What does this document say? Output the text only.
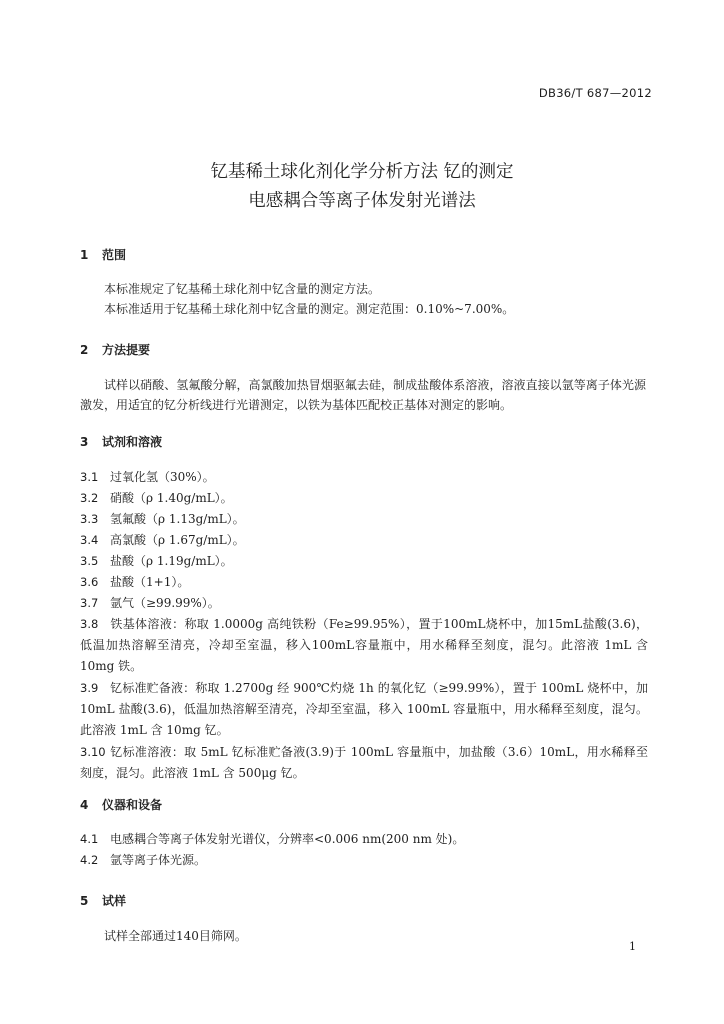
DB36/T 687—2012
钇基稀土球化剂化学分析方法 钇的测定
电感耦合等离子体发射光谱法
1 范围
本标准规定了钇基稀土球化剂中钇含量的测定方法。
本标准适用于钇基稀土球化剂中钇含量的测定。测定范围：0.10%~7.00%。
2 方法提要
试样以硝酸、氢氟酸分解，高氯酸加热冒烟驱氟去硅，制成盐酸体系溶液，溶液直接以氩等离子体光源激发，用适宜的钇分析线进行光谱测定，以铁为基体匹配校正基体对测定的影响。
3 试剂和溶液
3.1 过氧化氢（30%）。
3.2 硝酸（ρ 1.40g/mL）。
3.3 氢氟酸（ρ 1.13g/mL）。
3.4 高氯酸（ρ 1.67g/mL）。
3.5 盐酸（ρ 1.19g/mL）。
3.6 盐酸（1+1）。
3.7 氩气（≥99.99%）。
3.8 铁基体溶液：称取 1.0000g 高纯铁粉（Fe≥99.95%），置于100mL烧杯中，加15mL盐酸(3.6)，低温加热溶解至清亮，冷却至室温，移入100mL容量瓶中，用水稀释至刻度，混匀。此溶液 1mL 含 10mg 铁。
3.9 钇标准贮备液：称取 1.2700g 经 900℃灼烧 1h 的氧化钇（≥99.99%），置于 100mL 烧杯中，加 10mL 盐酸(3.6)，低温加热溶解至清亮，冷却至室温，移入 100mL 容量瓶中，用水稀释至刻度，混匀。此溶液 1mL 含 10mg 钇。
3.10 钇标准溶液：取 5mL 钇标准贮备液(3.9)于 100mL 容量瓶中，加盐酸（3.6）10mL，用水稀释至刻度，混匀。此溶液 1mL 含 500μg 钇。
4 仪器和设备
4.1 电感耦合等离子体发射光谱仪，分辨率<0.006 nm(200 nm 处)。
4.2 氩等离子体光源。
5 试样
试样全部通过140目筛网。
1
